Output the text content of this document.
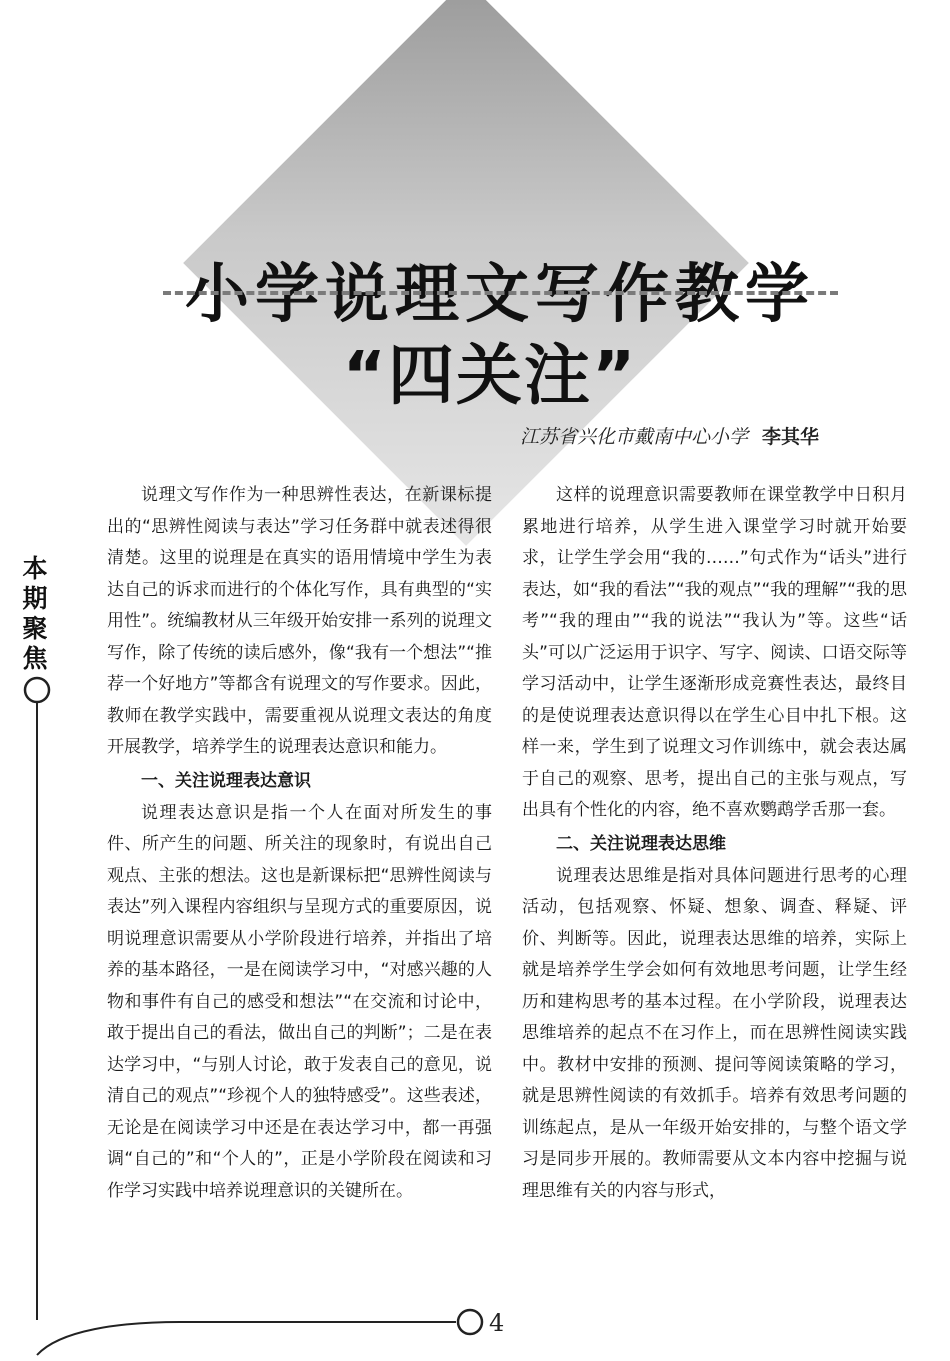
小学说理文写作教学
“四关注”
江苏省兴化市戴南中心小学 李其华
本
期
聚
焦

说理文写作作为一种思辨性表达，在新课标提出的“思辨性阅读与表达”学习任务群中就表述得很清楚。这里的说理是在真实的语用情境中学生为表达自己的诉求而进行的个体化写作，具有典型的“实用性”。统编教材从三年级开始安排一系列的说理文写作，除了传统的读后感外，像“我有一个想法”“推荐一个好地方”等都含有说理文的写作要求。因此，教师在教学实践中，需要重视从说理文表达的角度开展教学，培养学生的说理表达意识和能力。

一、关注说理表达意识

说理表达意识是指一个人在面对所发生的事件、所产生的问题、所关注的现象时，有说出自己观点、主张的想法。这也是新课标把“思辨性阅读与表达”列入课程内容组织与呈现方式的重要原因，说明说理意识需要从小学阶段进行培养，并指出了培养的基本路径，一是在阅读学习中，“对感兴趣的人物和事件有自己的感受和想法”“在交流和讨论中，敢于提出自己的看法，做出自己的判断”；二是在表达学习中，“与别人讨论，敢于发表自己的意见，说清自己的观点”“珍视个人的独特感受”。这些表述，无论是在阅读学习中还是在表达学习中，都一再强调“自己的”和“个人的”，正是小学阶段在阅读和习作学习实践中培养说理意识的关键所在。

这样的说理意识需要教师在课堂教学中日积月累地进行培养，从学生进入课堂学习时就开始要求，让学生学会用“我的……”句式作为“话头”进行表达，如“我的看法”“我的观点”“我的理解”“我的思考”“我的理由”“我的说法”“我认为”等。这些“话头”可以广泛运用于识字、写字、阅读、口语交际等学习活动中，让学生逐渐形成竞赛性表达，最终目的是使说理表达意识得以在学生心目中扎下根。这样一来，学生到了说理文习作训练中，就会表达属于自己的观察、思考，提出自己的主张与观点，写出具有个性化的内容，绝不喜欢鹦鹉学舌那一套。

二、关注说理表达思维

说理表达思维是指对具体问题进行思考的心理活动，包括观察、怀疑、想象、调查、释疑、评价、判断等。因此，说理表达思维的培养，实际上就是培养学生学会如何有效地思考问题，让学生经历和建构思考的基本过程。在小学阶段，说理表达思维培养的起点不在习作上，而在思辨性阅读实践中。教材中安排的预测、提问等阅读策略的学习，就是思辨性阅读的有效抓手。培养有效思考问题的训练起点，是从一年级开始安排的，与整个语文学习是同步开展的。教师需要从文本内容中挖掘与说理思维有关的内容与形式，

4
